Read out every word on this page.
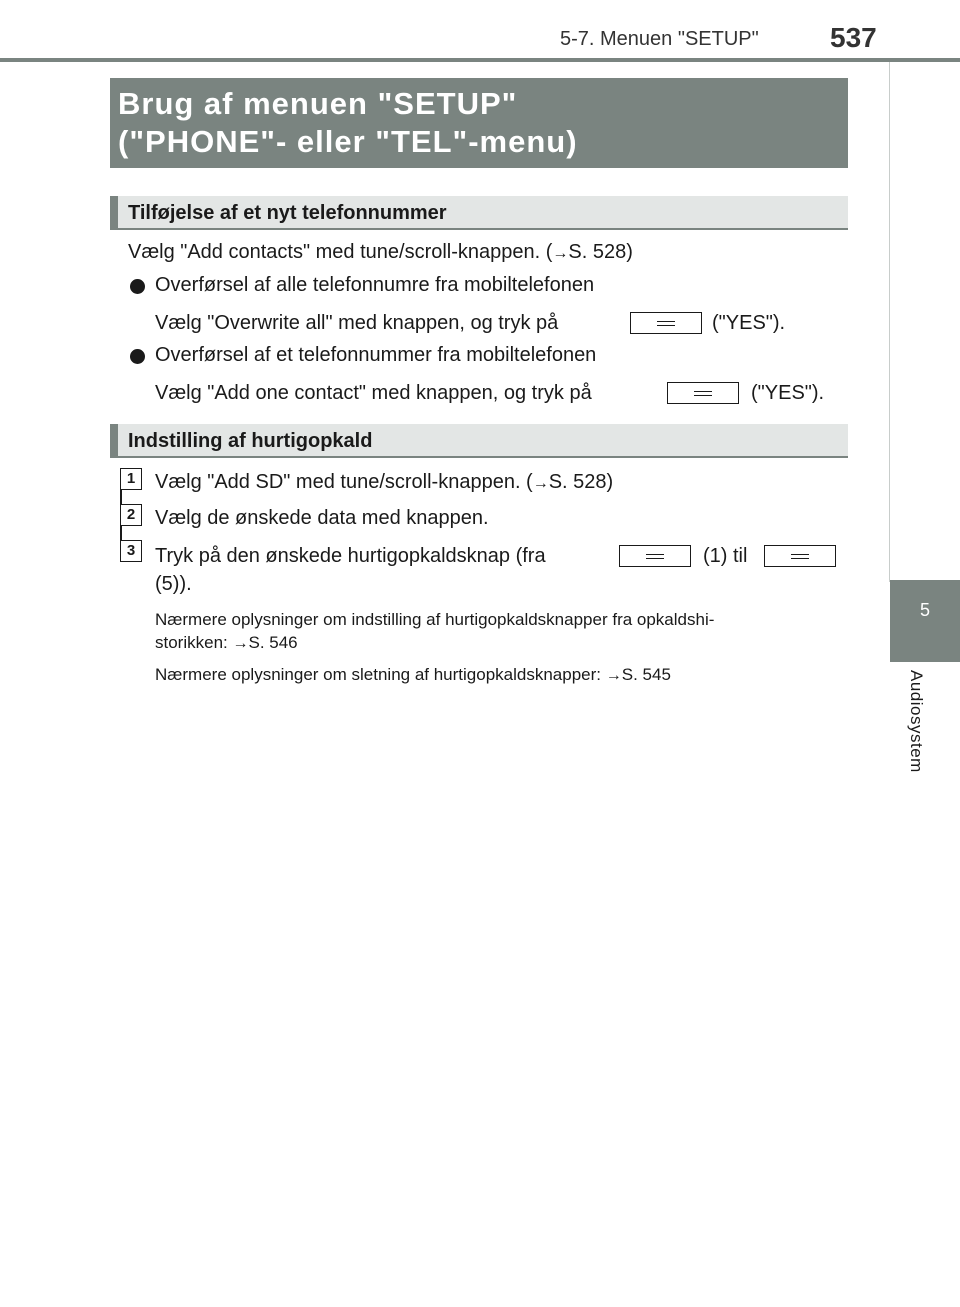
5-7. Menuen "SETUP"	537
5
Audiosystem
Brug af menuen "SETUP"
("PHONE"- eller "TEL"-menu)
Tilføjelse af et nyt telefonnummer
Vælg "Add contacts" med tune/scroll-knappen. (→S. 528)
Overførsel af alle telefonnumre fra mobiltelefonen
Vælg "Overwrite all" med knappen, og tryk på	("YES").
Overførsel af et telefonnummer fra mobiltelefonen
Vælg "Add one contact" med knappen, og tryk på	("YES").
Indstilling af hurtigopkald
1 Vælg "Add SD" med tune/scroll-knappen. (→S. 528)
2 Vælg de ønskede data med knappen.
3 Tryk på den ønskede hurtigopkaldsknap (fra	(1) til
(5)).
Nærmere oplysninger om indstilling af hurtigopkaldsknapper fra opkaldshi-
storikken: →S. 546
Nærmere oplysninger om sletning af hurtigopkaldsknapper: →S. 545
